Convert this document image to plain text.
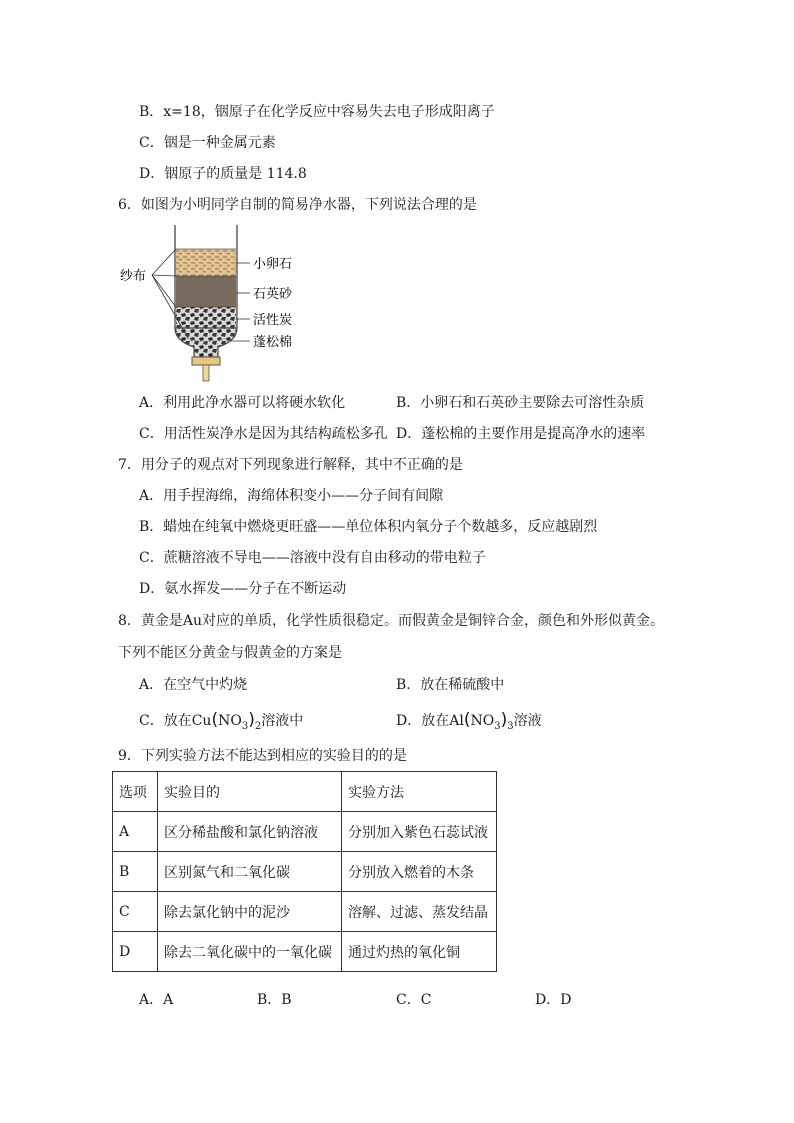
B．x=18，铟原子在化学反应中容易失去电子形成阳离子
C．铟是一种金属元素
D．铟原子的质量是 114.8
6．如图为小明同学自制的简易净水器，下列说法合理的是
纱布
小卵石
石英砂
活性炭
蓬松棉
A．利用此净水器可以将硬水软化	B．小卵石和石英砂主要除去可溶性杂质
C．用活性炭净水是因为其结构疏松多孔 D．蓬松棉的主要作用是提高净水的速率
7．用分子的观点对下列现象进行解释，其中不正确的是
A．用手捏海绵，海绵体积变小——分子间有间隙
B．蜡烛在纯氧中燃烧更旺盛——单位体积内氧分子个数越多，反应越剧烈
C．蔗糖溶液不导电——溶液中没有自由移动的带电粒子
D．氨水挥发——分子在不断运动
8．黄金是Au对应的单质，化学性质很稳定。而假黄金是铜锌合金，颜色和外形似黄金。
下列不能区分黄金与假黄金的方案是
A．在空气中灼烧	B．放在稀硫酸中
C．放在$Cu(NO_3)_2$溶液中	D．放在$Al(NO_3)_3$溶液
9．下列实验方法不能达到相应的实验目的的是
选项	实验目的	实验方法
A	区分稀盐酸和氯化钠溶液	分别加入紫色石蕊试液
B	区别氮气和二氧化碳	分别放入燃着的木条
C	除去氯化钠中的泥沙	溶解、过滤、蒸发结晶
D	除去二氧化碳中的一氧化碳	通过灼热的氧化铜
A．A	B．B	C．C	D．D
